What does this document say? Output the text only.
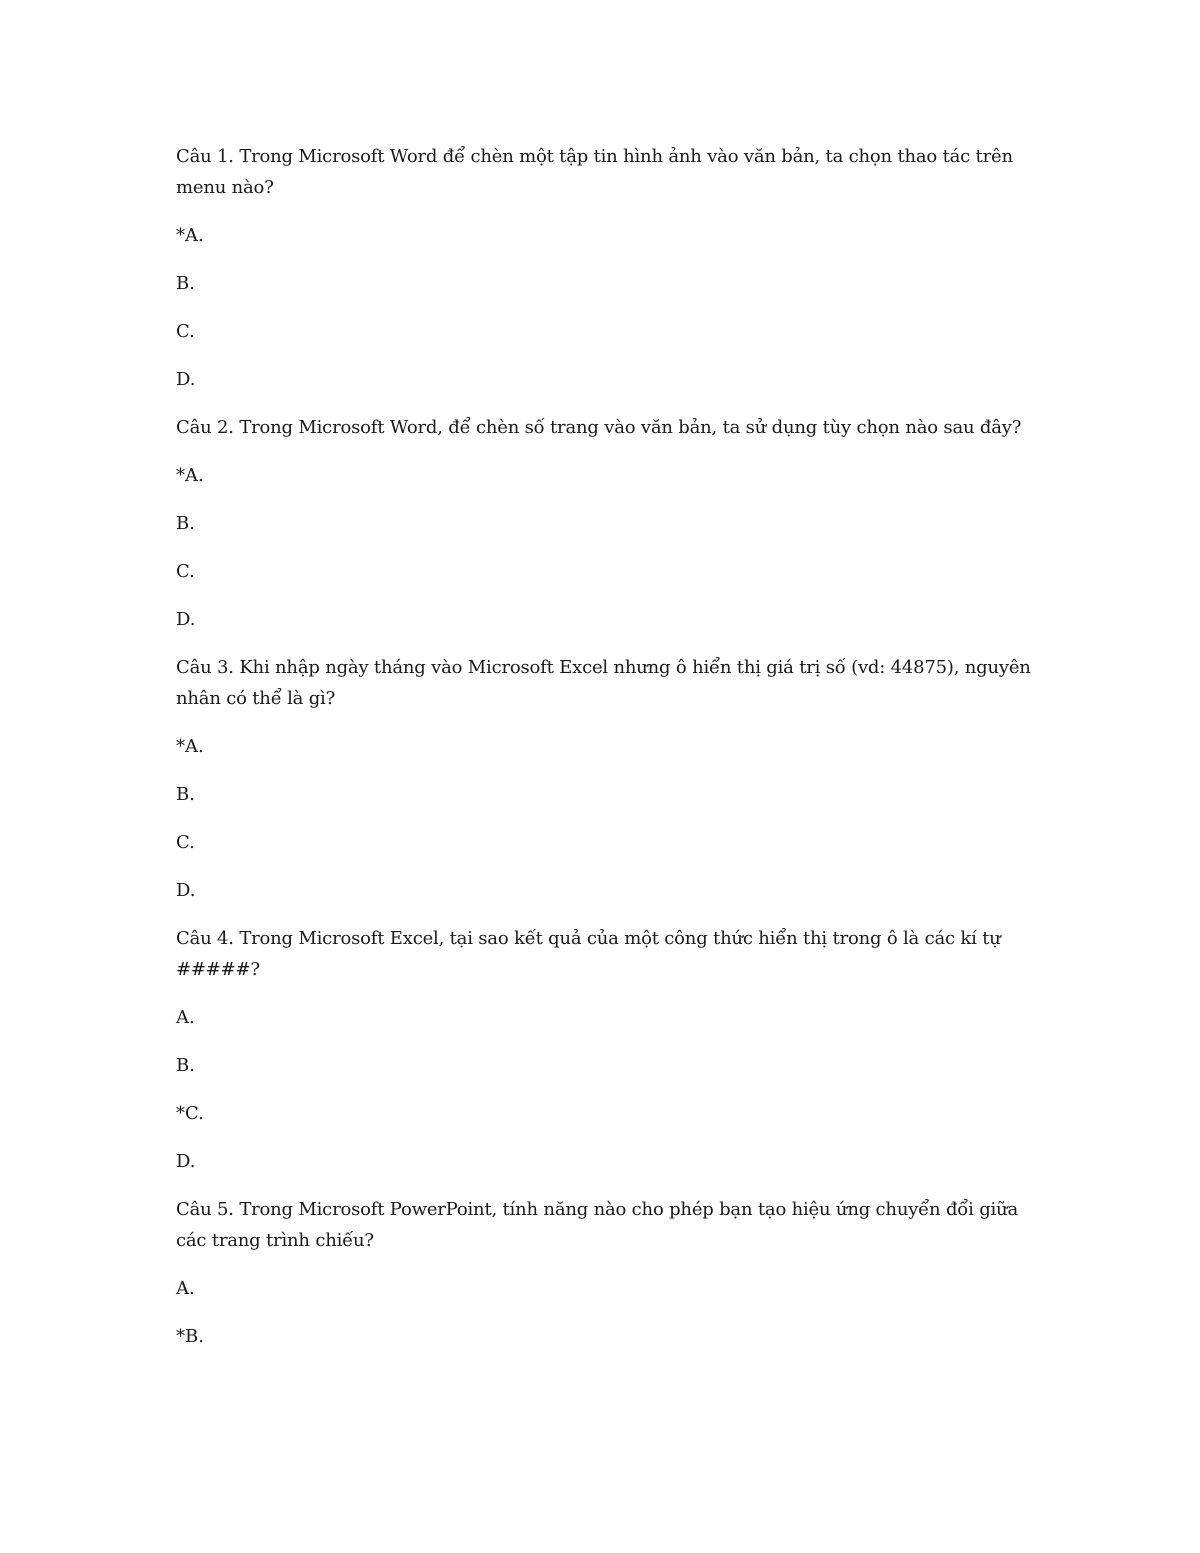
Câu 1. Trong Microsoft Word để chèn một tập tin hình ảnh vào văn bản, ta chọn thao tác trên menu nào?

*A.

B.

C.

D.

Câu 2. Trong Microsoft Word, để chèn số trang vào văn bản, ta sử dụng tùy chọn nào sau đây?

*A.

B.

C.

D.

Câu 3. Khi nhập ngày tháng vào Microsoft Excel nhưng ô hiển thị giá trị số (vd: 44875), nguyên nhân có thể là gì?

*A.

B.

C.

D.

Câu 4. Trong Microsoft Excel, tại sao kết quả của một công thức hiển thị trong ô là các kí tự #####?

A.

B.

*C.

D.

Câu 5. Trong Microsoft PowerPoint, tính năng nào cho phép bạn tạo hiệu ứng chuyển đổi giữa các trang trình chiếu?

A.

*B.
